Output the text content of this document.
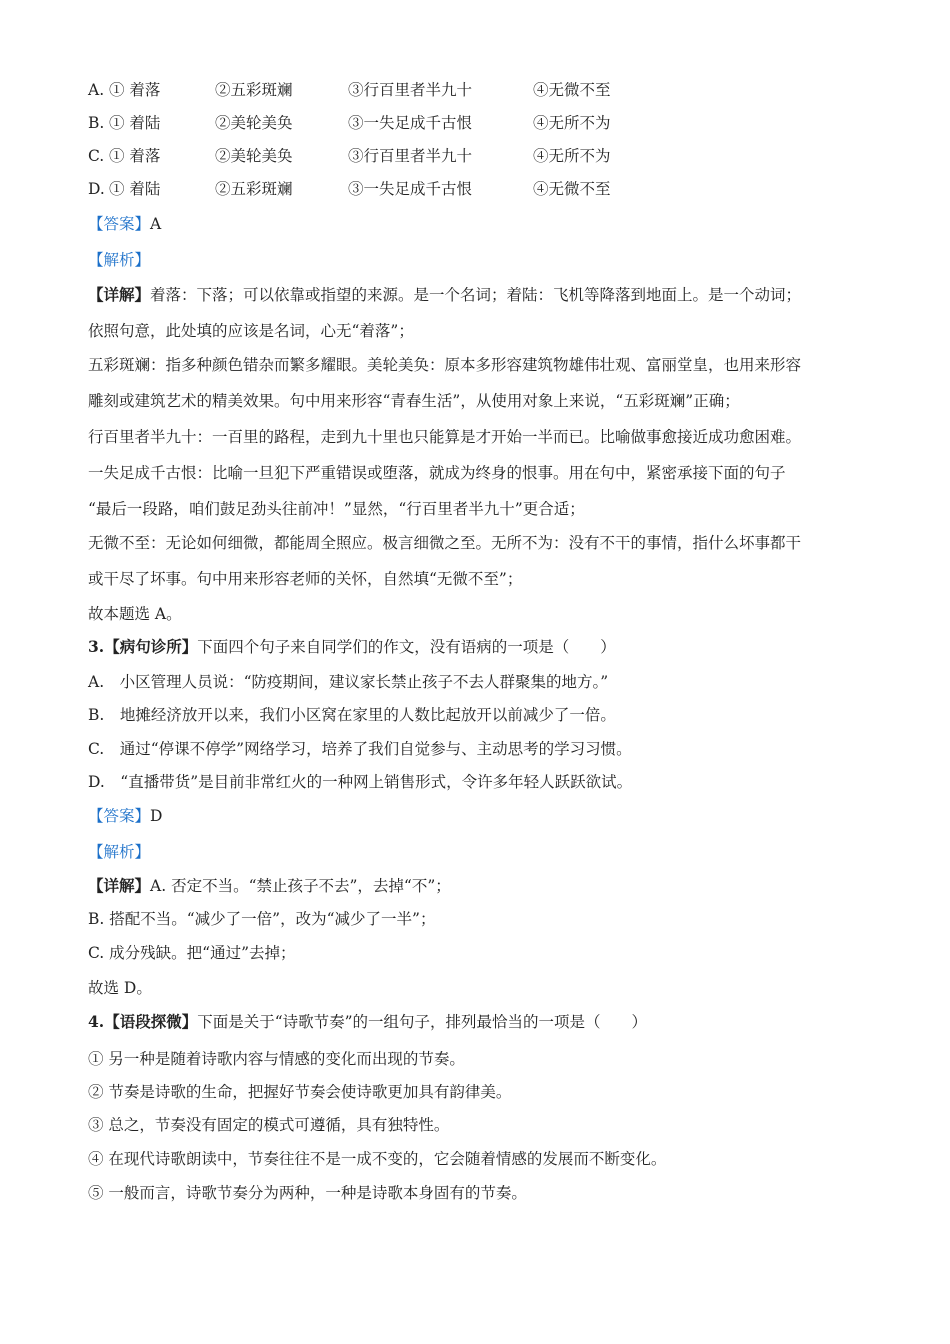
A. ① 着落	②五彩斑斓	③行百里者半九十	④无微不至
B. ① 着陆	②美轮美奂	③一失足成千古恨	④无所不为
C. ① 着落	②美轮美奂	③行百里者半九十	④无所不为
D. ① 着陆	②五彩斑斓	③一失足成千古恨	④无微不至
【答案】A
【解析】
【详解】着落：下落；可以依靠或指望的来源。是一个名词；着陆：飞机等降落到地面上。是一个动词；
依照句意，此处填的应该是名词，心无“着落”；
五彩斑斓：指多种颜色错杂而繁多耀眼。美轮美奂：原本多形容建筑物雄伟壮观、富丽堂皇，也用来形容
雕刻或建筑艺术的精美效果。句中用来形容“青春生活”，从使用对象上来说，“五彩斑斓”正确；
行百里者半九十：一百里的路程，走到九十里也只能算是才开始一半而已。比喻做事愈接近成功愈困难。
一失足成千古恨：比喻一旦犯下严重错误或堕落，就成为终身的恨事。用在句中，紧密承接下面的句子
“最后一段路，咱们鼓足劲头往前冲！”显然，“行百里者半九十”更合适；
无微不至：无论如何细微，都能周全照应。极言细微之至。无所不为：没有不干的事情，指什么坏事都干
或干尽了坏事。句中用来形容老师的关怀，自然填“无微不至”；
故本题选 A。
3.【病句诊所】下面四个句子来自同学们的作文，没有语病的一项是（　　）
A.　小区管理人员说：“防疫期间，建议家长禁止孩子不去人群聚集的地方。”
B.　地摊经济放开以来，我们小区窝在家里的人数比起放开以前减少了一倍。
C.　通过“停课不停学”网络学习，培养了我们自觉参与、主动思考的学习习惯。
D.　“直播带货”是目前非常红火的一种网上销售形式，令许多年轻人跃跃欲试。
【答案】D
【解析】
【详解】A. 否定不当。“禁止孩子不去”，去掉“不”；
B. 搭配不当。“减少了一倍”，改为“减少了一半”；
C. 成分残缺。把“通过”去掉；
故选 D。
4.【语段探微】下面是关于“诗歌节奏”的一组句子，排列最恰当的一项是（　　）
① 另一种是随着诗歌内容与情感的变化而出现的节奏。
② 节奏是诗歌的生命，把握好节奏会使诗歌更加具有韵律美。
③ 总之，节奏没有固定的模式可遵循，具有独特性。
④ 在现代诗歌朗读中，节奏往往不是一成不变的，它会随着情感的发展而不断变化。
⑤ 一般而言，诗歌节奏分为两种，一种是诗歌本身固有的节奏。
